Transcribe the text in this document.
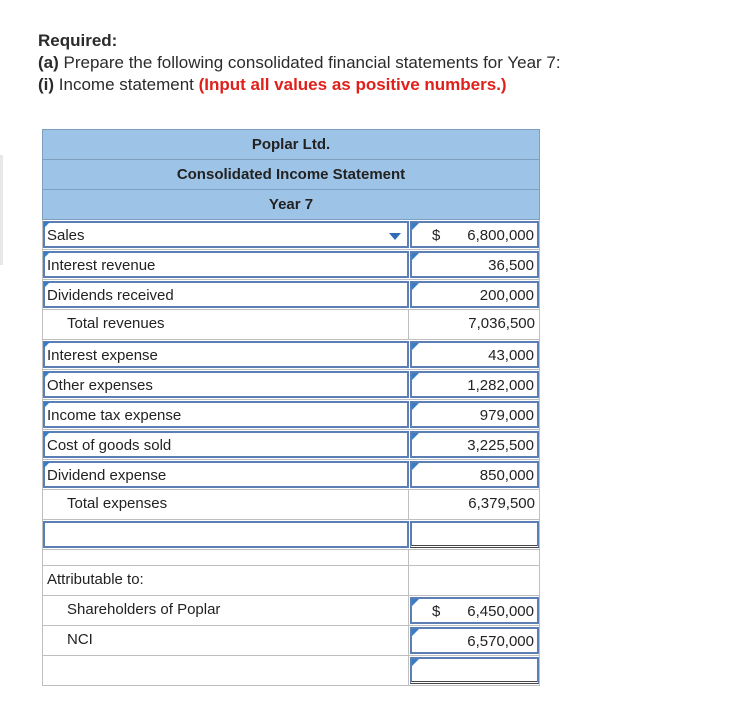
Required:
(a) Prepare the following consolidated financial statements for Year 7:
(i) Income statement (Input all values as positive numbers.)
Poplar Ltd.
Consolidated Income Statement
Year 7
Sales	$ 6,800,000
Interest revenue	36,500
Dividends received	200,000
Total revenues	7,036,500
Interest expense	43,000
Other expenses	1,282,000
Income tax expense	979,000
Cost of goods sold	3,225,500
Dividend expense	850,000
Total expenses	6,379,500
Attributable to:
Shareholders of Poplar	$ 6,450,000
NCI	6,570,000
